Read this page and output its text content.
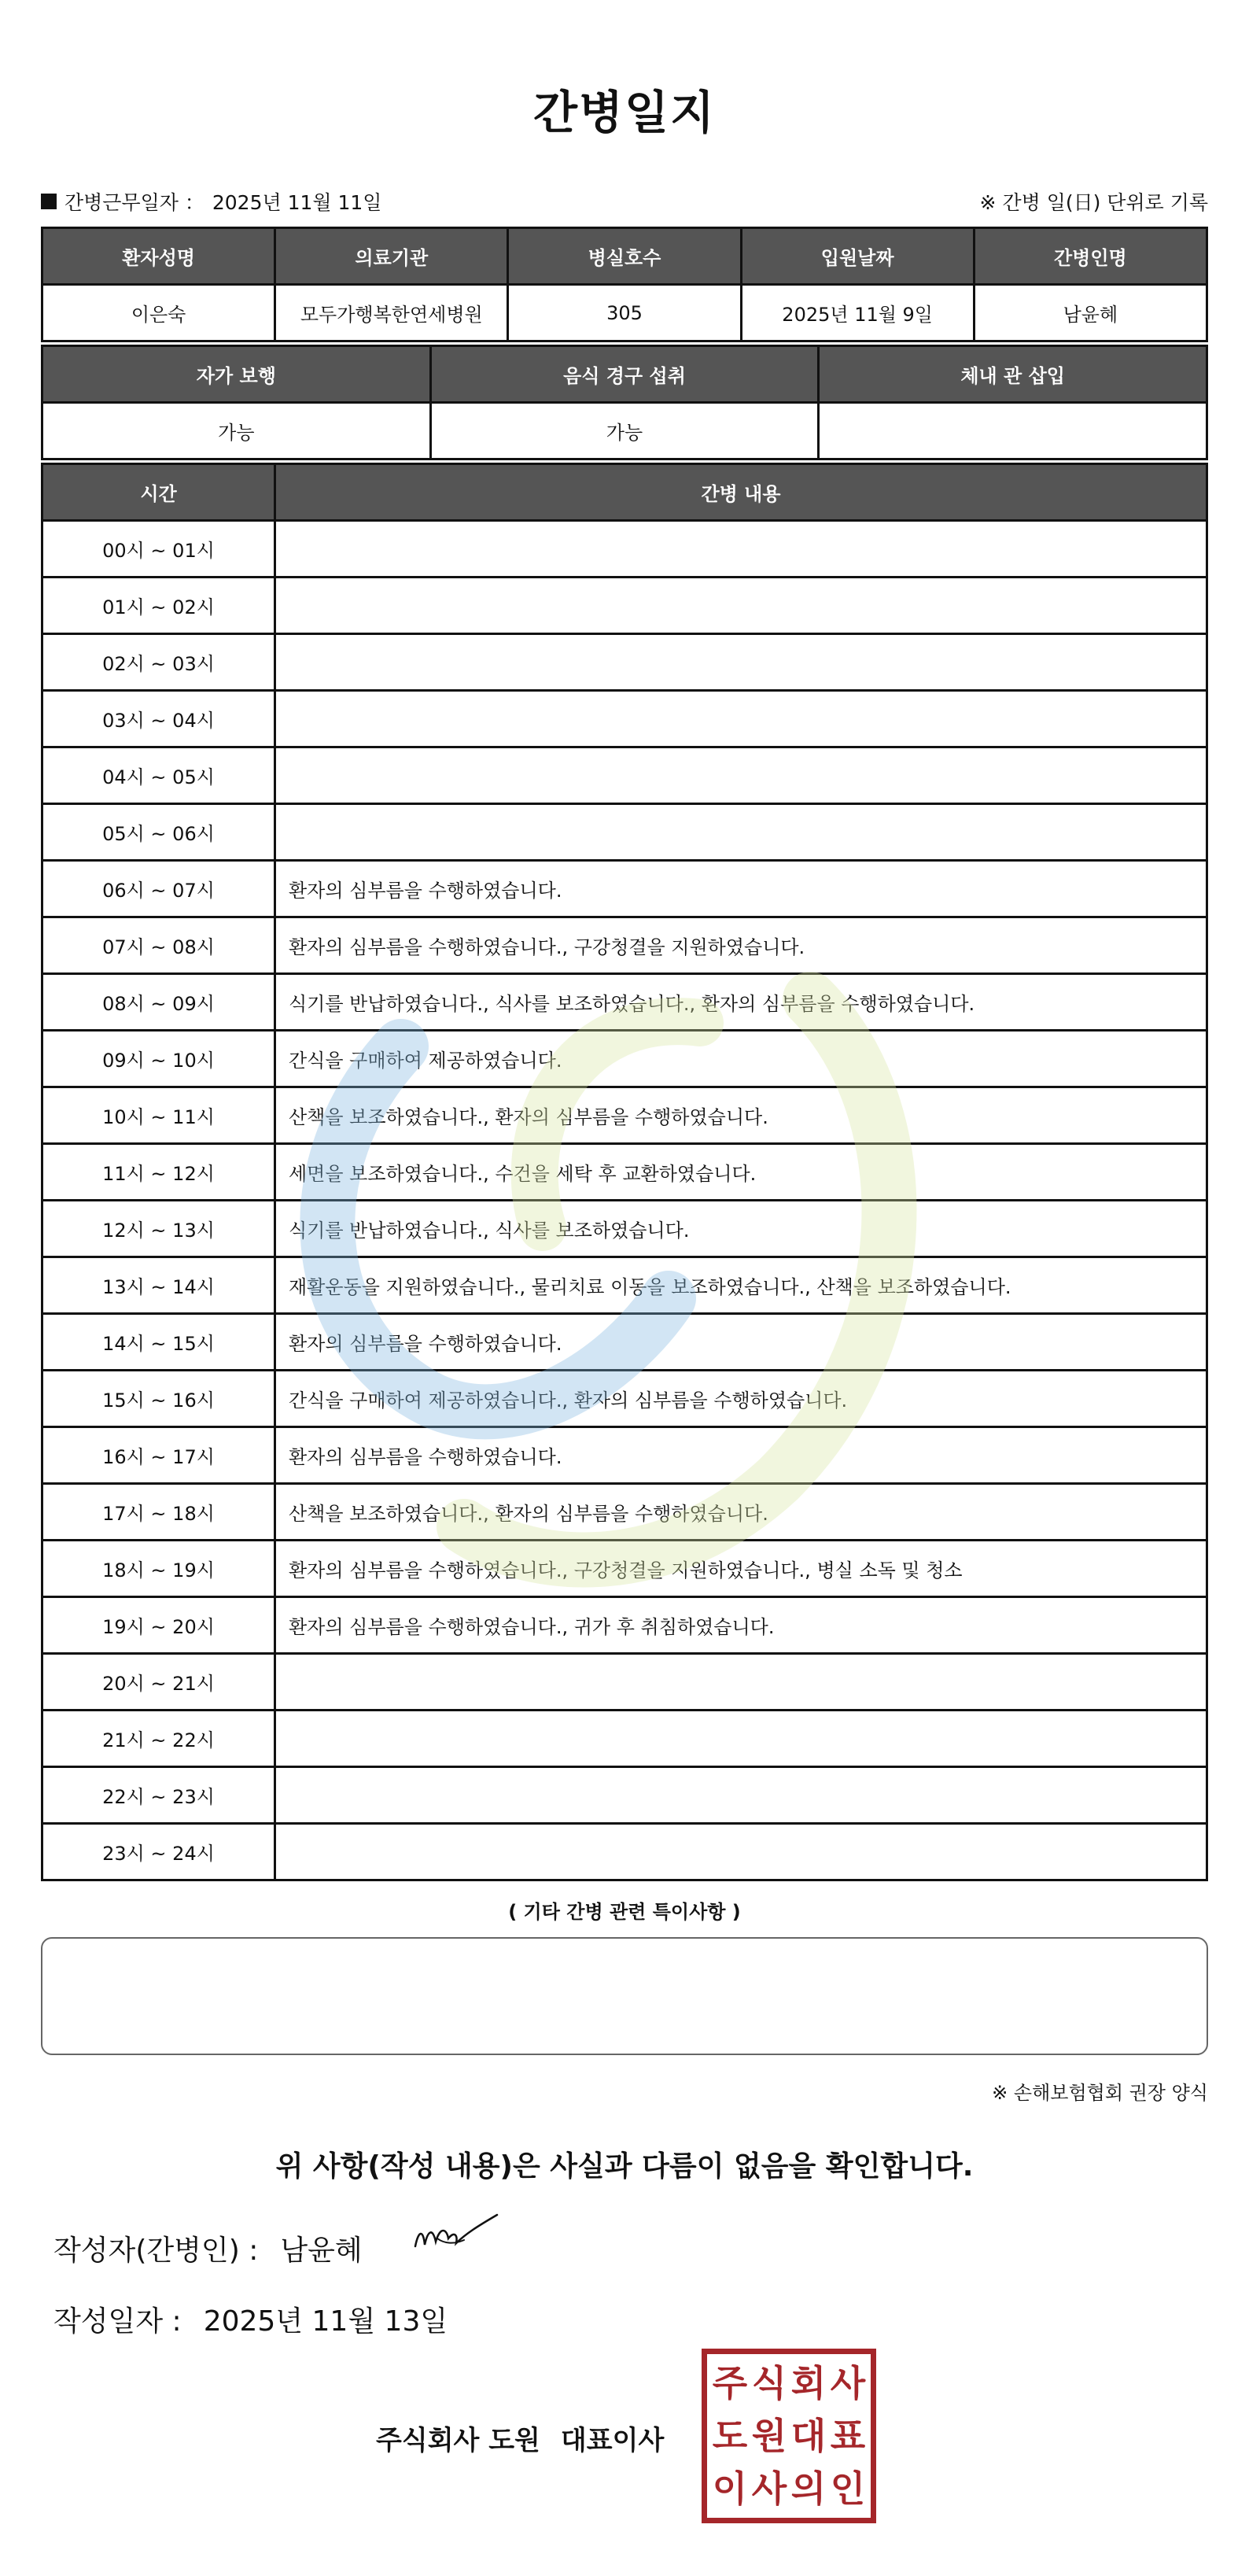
간병일지
간병근무일자 ： 2025년 11월 11일	※ 간병 일(日) 단위로 기록
환자성명	의료기관	병실호수	입원날짜	간병인명
이은숙	모두가행복한연세병원	305	2025년 11월 9일	남윤혜
자가 보행	음식 경구 섭취	체내 관 삽입
가능	가능	
시간	간병 내용
00시 ~ 01시	
01시 ~ 02시	
02시 ~ 03시	
03시 ~ 04시	
04시 ~ 05시	
05시 ~ 06시	
06시 ~ 07시	환자의 심부름을 수행하였습니다.
07시 ~ 08시	환자의 심부름을 수행하였습니다., 구강청결을 지원하였습니다.
08시 ~ 09시	식기를 반납하였습니다., 식사를 보조하였습니다., 환자의 심부름을 수행하였습니다.
09시 ~ 10시	간식을 구매하여 제공하였습니다.
10시 ~ 11시	산책을 보조하였습니다., 환자의 심부름을 수행하였습니다.
11시 ~ 12시	세면을 보조하였습니다., 수건을 세탁 후 교환하였습니다.
12시 ~ 13시	식기를 반납하였습니다., 식사를 보조하였습니다.
13시 ~ 14시	재활운동을 지원하였습니다., 물리치료 이동을 보조하였습니다., 산책을 보조하였습니다.
14시 ~ 15시	환자의 심부름을 수행하였습니다.
15시 ~ 16시	간식을 구매하여 제공하였습니다., 환자의 심부름을 수행하였습니다.
16시 ~ 17시	환자의 심부름을 수행하였습니다.
17시 ~ 18시	산책을 보조하였습니다., 환자의 심부름을 수행하였습니다.
18시 ~ 19시	환자의 심부름을 수행하였습니다., 구강청결을 지원하였습니다., 병실 소독 및 청소
19시 ~ 20시	환자의 심부름을 수행하였습니다., 귀가 후 취침하였습니다.
20시 ~ 21시	
21시 ~ 22시	
22시 ~ 23시	
23시 ~ 24시	
( 기타 간병 관련 특이사항 )
※ 손해보험협회 권장 양식
위 사항(작성 내용)은 사실과 다름이 없음을 확인합니다.
작성자(간병인) : 남윤혜
작성일자 : 2025년 11월 13일
주식회사 도원 대표이사
주 식 회 사
도 원 대 표
이 사 의 인
